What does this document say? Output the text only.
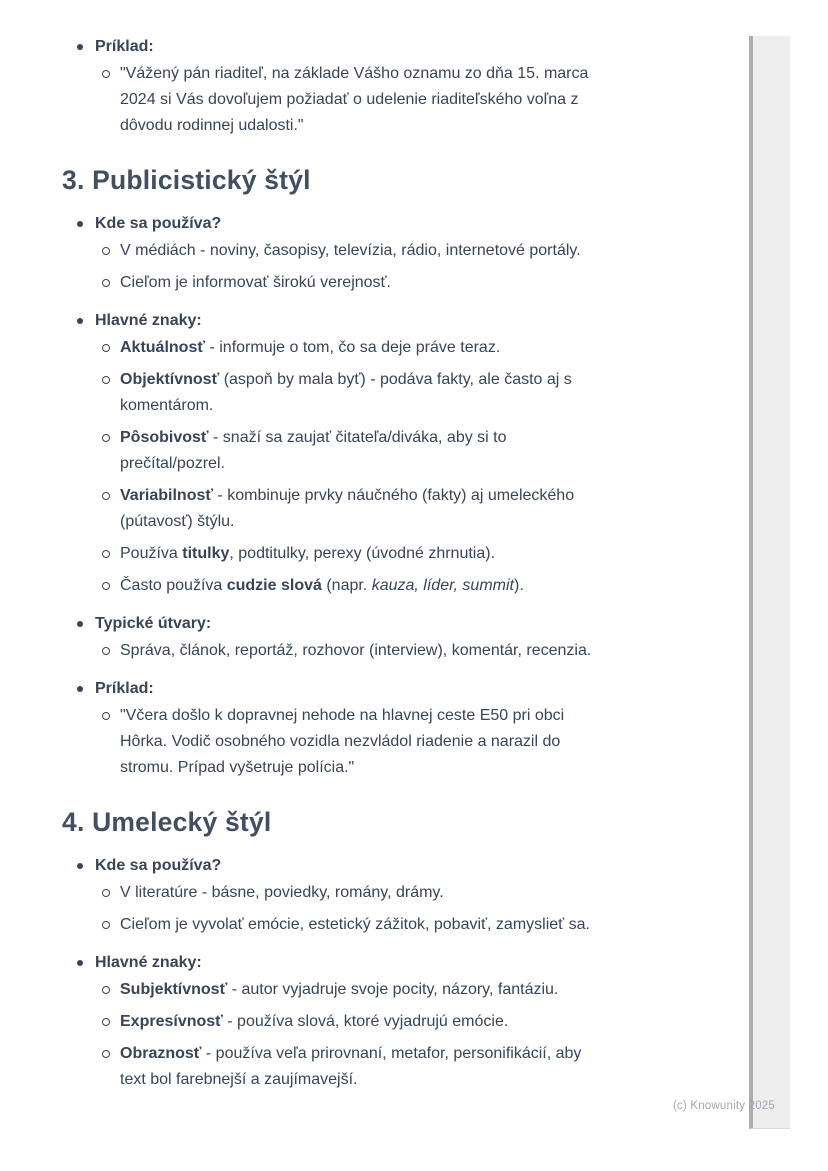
Príklad:
"Vážený pán riaditeľ, na základe Vášho oznamu zo dňa 15. marca
2024 si Vás dovoľujem požiadať o udelenie riaditeľského voľna z
dôvodu rodinnej udalosti."
3. Publicistický štýl
Kde sa používa?
V médiách - noviny, časopisy, televízia, rádio, internetové portály.
Cieľom je informovať širokú verejnosť.
Hlavné znaky:
Aktuálnosť - informuje o tom, čo sa deje práve teraz.
Objektívnosť (aspoň by mala byť) - podáva fakty, ale často aj s
komentárom.
Pôsobivosť - snaží sa zaujať čitateľa/diváka, aby si to
prečítal/pozrel.
Variabilnosť - kombinuje prvky náučného (fakty) aj umeleckého
(pútavosť) štýlu.
Používa titulky, podtitulky, perexy (úvodné zhrnutia).
Často používa cudzie slová (napr. kauza, líder, summit).
Typické útvary:
Správa, článok, reportáž, rozhovor (interview), komentár, recenzia.
Príklad:
"Včera došlo k dopravnej nehode na hlavnej ceste E50 pri obci
Hôrka. Vodič osobného vozidla nezvládol riadenie a narazil do
stromu. Prípad vyšetruje polícia."
4. Umelecký štýl
Kde sa používa?
V literatúre - básne, poviedky, romány, drámy.
Cieľom je vyvolať emócie, estetický zážitok, pobaviť, zamyslieť sa.
Hlavné znaky:
Subjektívnosť - autor vyjadruje svoje pocity, názory, fantáziu.
Expresívnosť - používa slová, ktoré vyjadrujú emócie.
Obraznosť - používa veľa prirovnaní, metafor, personifikácií, aby
text bol farebnejší a zaujímavejší.
(c) Knowunity 2025
